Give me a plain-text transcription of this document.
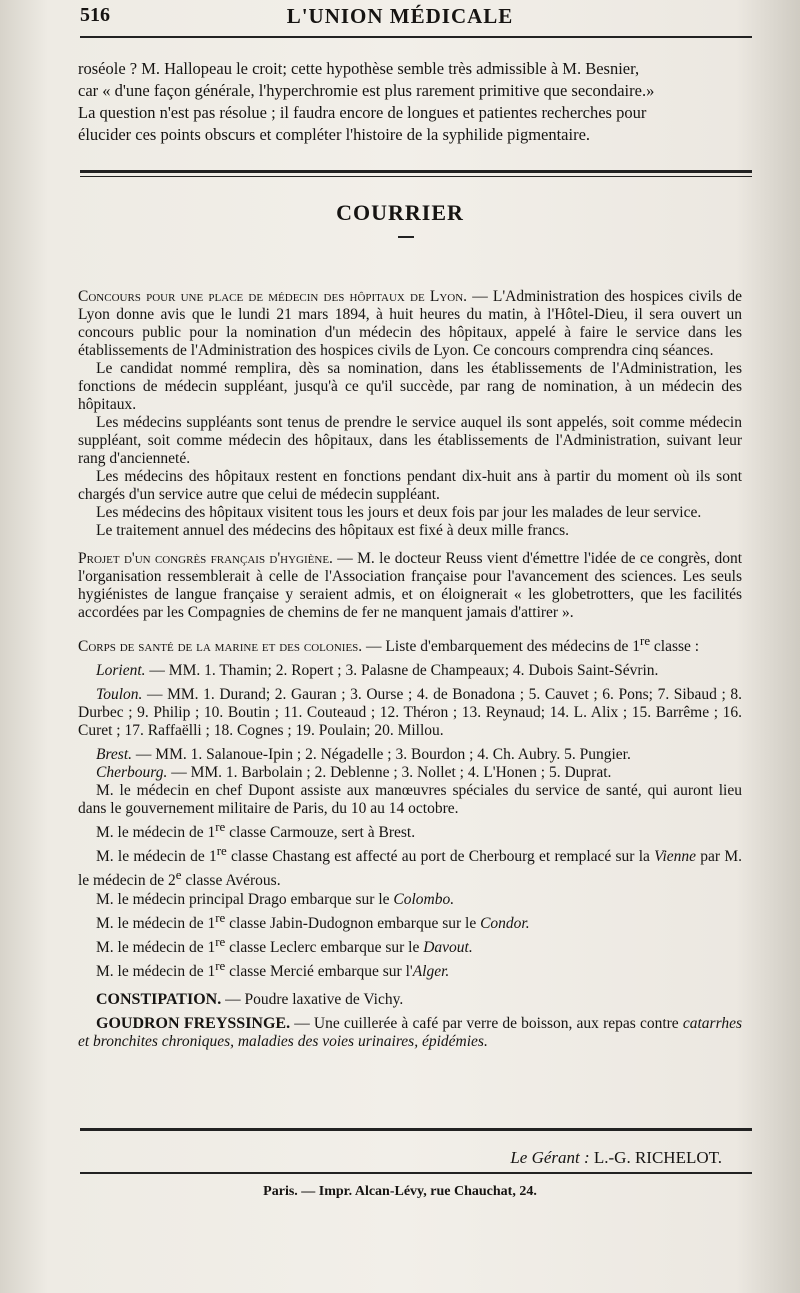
516	L'UNION MÉDICALE

roséole ? M. Hallopeau le croit; cette hypothèse semble très admissible à M. Besnier,

car « d'une façon générale, l'hyperchromie est plus rarement primitive que secondaire.»

La question n'est pas résolue ; il faudra encore de longues et patientes recherches pour

élucider ces points obscurs et compléter l'histoire de la syphilide pigmentaire.

COURRIER

Concours pour une place de médecin des hôpitaux de Lyon. — L'Administration des hospices civils de Lyon donne avis que le lundi 21 mars 1894, à huit heures du matin, à l'Hôtel-Dieu, il sera ouvert un concours public pour la nomination d'un médecin des hôpitaux, appelé à faire le service dans les établissements de l'Administration des hospices civils de Lyon. Ce concours comprendra cinq séances.

Le candidat nommé remplira, dès sa nomination, dans les établissements de l'Administration, les fonctions de médecin suppléant, jusqu'à ce qu'il succède, par rang de nomination, à un médecin des hôpitaux.

Les médecins suppléants sont tenus de prendre le service auquel ils sont appelés, soit comme médecin suppléant, soit comme médecin des hôpitaux, dans les établissements de l'Administration, suivant leur rang d'ancienneté.

Les médecins des hôpitaux restent en fonctions pendant dix-huit ans à partir du moment où ils sont chargés d'un service autre que celui de médecin suppléant.

Les médecins des hôpitaux visitent tous les jours et deux fois par jour les malades de leur service.

Le traitement annuel des médecins des hôpitaux est fixé à deux mille francs.

Projet d'un congrès français d'hygiène. — M. le docteur Reuss vient d'émettre l'idée de ce congrès, dont l'organisation ressemblerait à celle de l'Association française pour l'avancement des sciences. Les seuls hygiénistes de langue française y seraient admis, et on éloignerait « les globetrotters, que les facilités accordées par les Compagnies de chemins de fer ne manquent jamais d'attirer ».

Corps de santé de la marine et des colonies. — Liste d'embarquement des médecins de 1re classe :

Lorient. — MM. 1. Thamin; 2. Ropert ; 3. Palasne de Champeaux; 4. Dubois Saint-Sévrin.

Toulon. — MM. 1. Durand; 2. Gauran ; 3. Ourse ; 4. de Bonadona ; 5. Cauvet ; 6. Pons; 7. Sibaud ; 8. Durbec ; 9. Philip ; 10. Boutin ; 11. Couteaud ; 12. Théron ; 13. Reynaud; 14. L. Alix ; 15. Barrême ; 16. Curet ; 17. Raffaëlli ; 18. Cognes ; 19. Poulain; 20. Millou.

Brest. — MM. 1. Salanoue-Ipin ; 2. Négadelle ; 3. Bourdon ; 4. Ch. Aubry. 5. Pungier.

Cherbourg. — MM. 1. Barbolain ; 2. Deblenne ; 3. Nollet ; 4. L'Honen ; 5. Duprat.

M. le médecin en chef Dupont assiste aux manœuvres spéciales du service de santé, qui auront lieu dans le gouvernement militaire de Paris, du 10 au 14 octobre.

M. le médecin de 1re classe Carmouze, sert à Brest.

M. le médecin de 1re classe Chastang est affecté au port de Cherbourg et remplacé sur la Vienne par M. le médecin de 2e classe Avérous.

M. le médecin principal Drago embarque sur le Colombo.

M. le médecin de 1re classe Jabin-Dudognon embarque sur le Condor.

M. le médecin de 1re classe Leclerc embarque sur le Davout.

M. le médecin de 1re classe Mercié embarque sur l'Alger.

CONSTIPATION. — Poudre laxative de Vichy.

GOUDRON FREYSSINGE. — Une cuillerée à café par verre de boisson, aux repas contre catarrhes et bronchites chroniques, maladies des voies urinaires, épidémies.

Le Gérant : L.-G. RICHELOT.
Paris. — Impr. Alcan-Lévy, rue Chauchat, 24.
